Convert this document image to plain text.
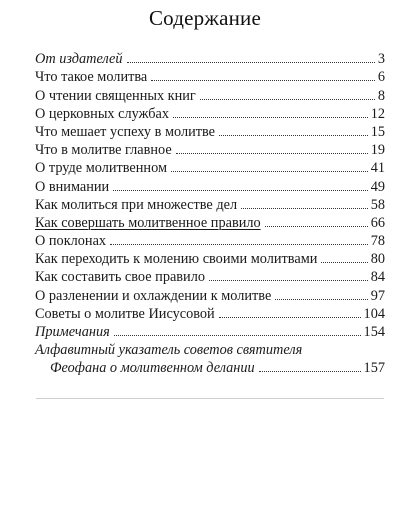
Содержание
От издателей	3
Что такое молитва	6
О чтении священных книг	8
О церковных службах	12
Что мешает успеху в молитве	15
Что в молитве главное	19
О труде молитвенном	41
О внимании	49
Как молиться при множестве дел	58
Как совершать молитвенное правило	66
О поклонах	78
Как переходить к молению своими молитвами	80
Как составить свое правило	84
О разленении и охлаждении к молитве	97
Советы о молитве Иисусовой	104
Примечания	154
Алфавитный указатель советов святителя
Феофана о молитвенном делании	157
